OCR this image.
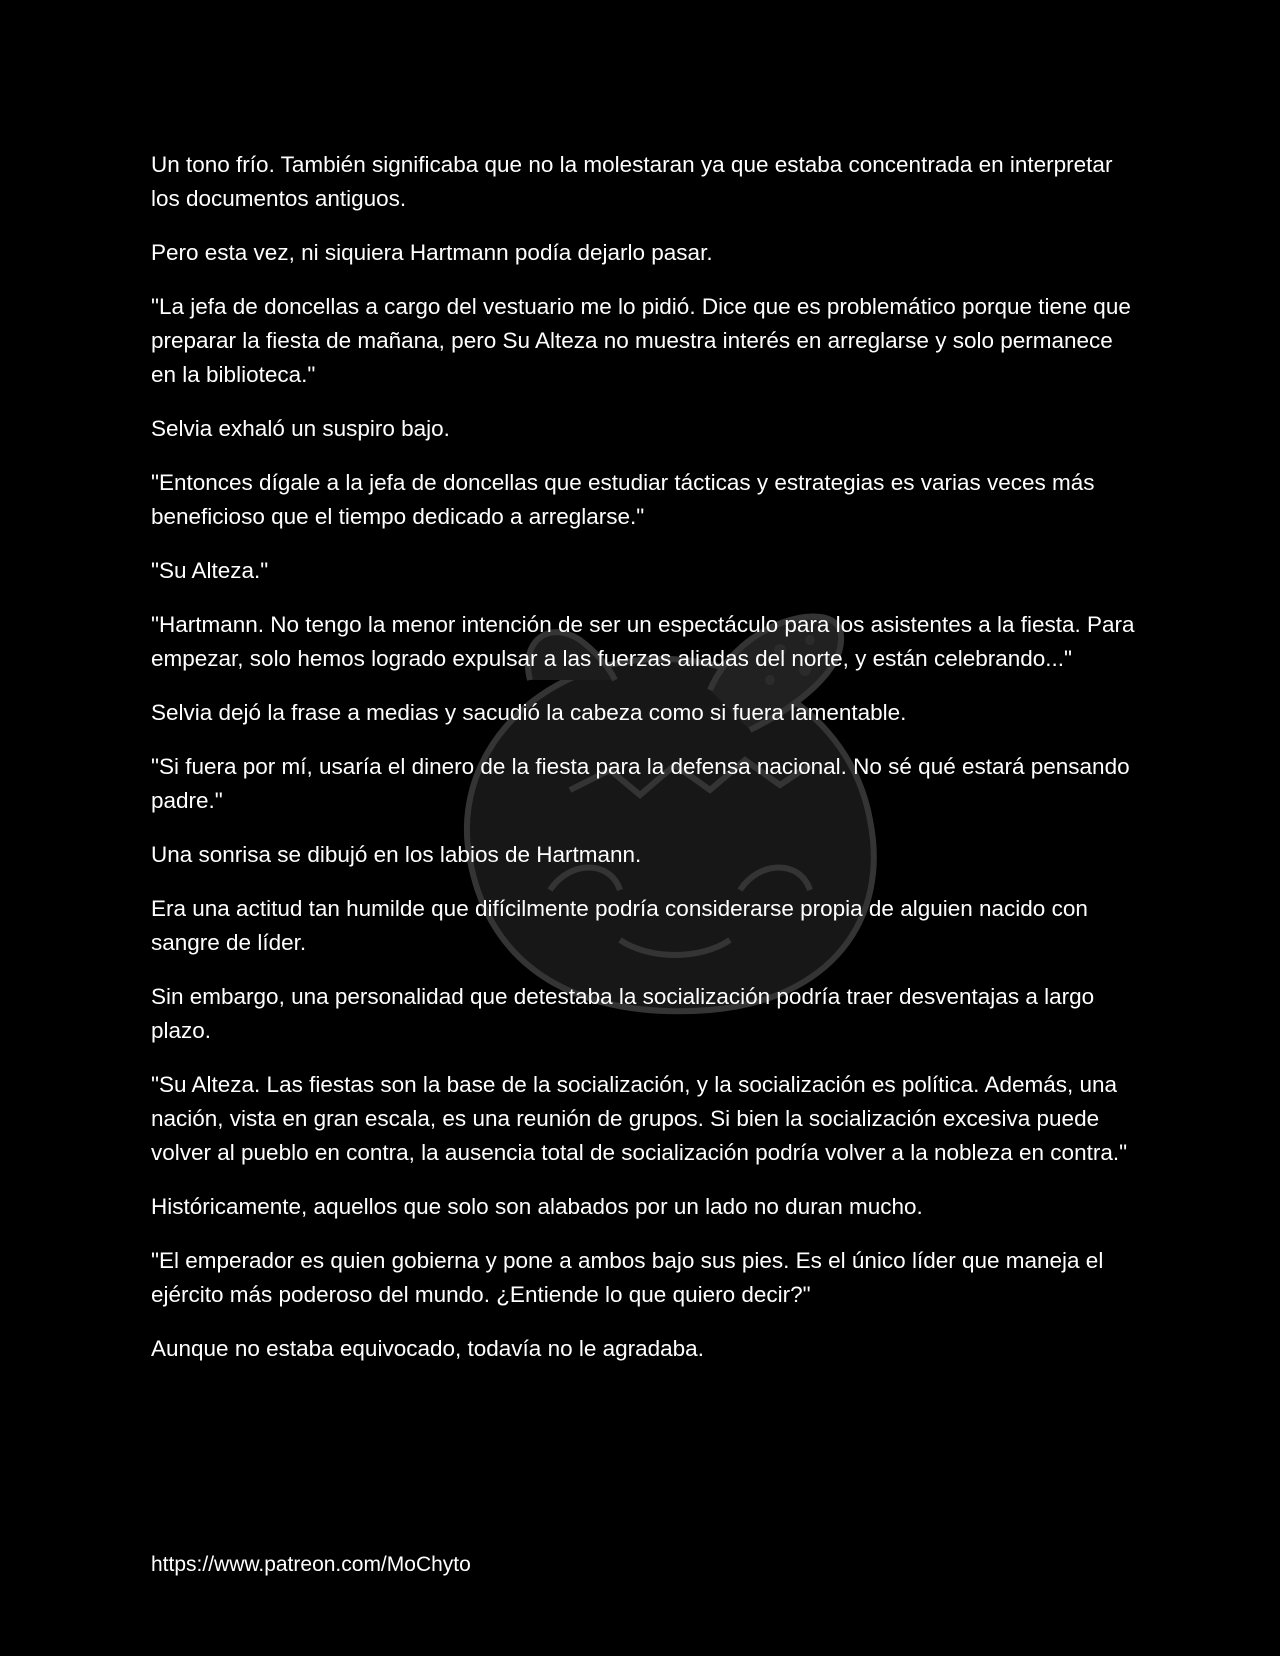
Un tono frío. También significaba que no la molestaran ya que estaba concentrada en interpretar los documentos antiguos.

Pero esta vez, ni siquiera Hartmann podía dejarlo pasar.

"La jefa de doncellas a cargo del vestuario me lo pidió. Dice que es problemático porque tiene que preparar la fiesta de mañana, pero Su Alteza no muestra interés en arreglarse y solo permanece en la biblioteca."

Selvia exhaló un suspiro bajo.

"Entonces dígale a la jefa de doncellas que estudiar tácticas y estrategias es varias veces más beneficioso que el tiempo dedicado a arreglarse."

"Su Alteza."

"Hartmann. No tengo la menor intención de ser un espectáculo para los asistentes a la fiesta. Para empezar, solo hemos logrado expulsar a las fuerzas aliadas del norte, y están celebrando..."

Selvia dejó la frase a medias y sacudió la cabeza como si fuera lamentable.

"Si fuera por mí, usaría el dinero de la fiesta para la defensa nacional. No sé qué estará pensando padre."

Una sonrisa se dibujó en los labios de Hartmann.

Era una actitud tan humilde que difícilmente podría considerarse propia de alguien nacido con sangre de líder.

Sin embargo, una personalidad que detestaba la socialización podría traer desventajas a largo plazo.

"Su Alteza. Las fiestas son la base de la socialización, y la socialización es política. Además, una nación, vista en gran escala, es una reunión de grupos. Si bien la socialización excesiva puede volver al pueblo en contra, la ausencia total de socialización podría volver a la nobleza en contra."

Históricamente, aquellos que solo son alabados por un lado no duran mucho.

"El emperador es quien gobierna y pone a ambos bajo sus pies. Es el único líder que maneja el ejército más poderoso del mundo. ¿Entiende lo que quiero decir?"

Aunque no estaba equivocado, todavía no le agradaba.

https://www.patreon.com/MoChyto
